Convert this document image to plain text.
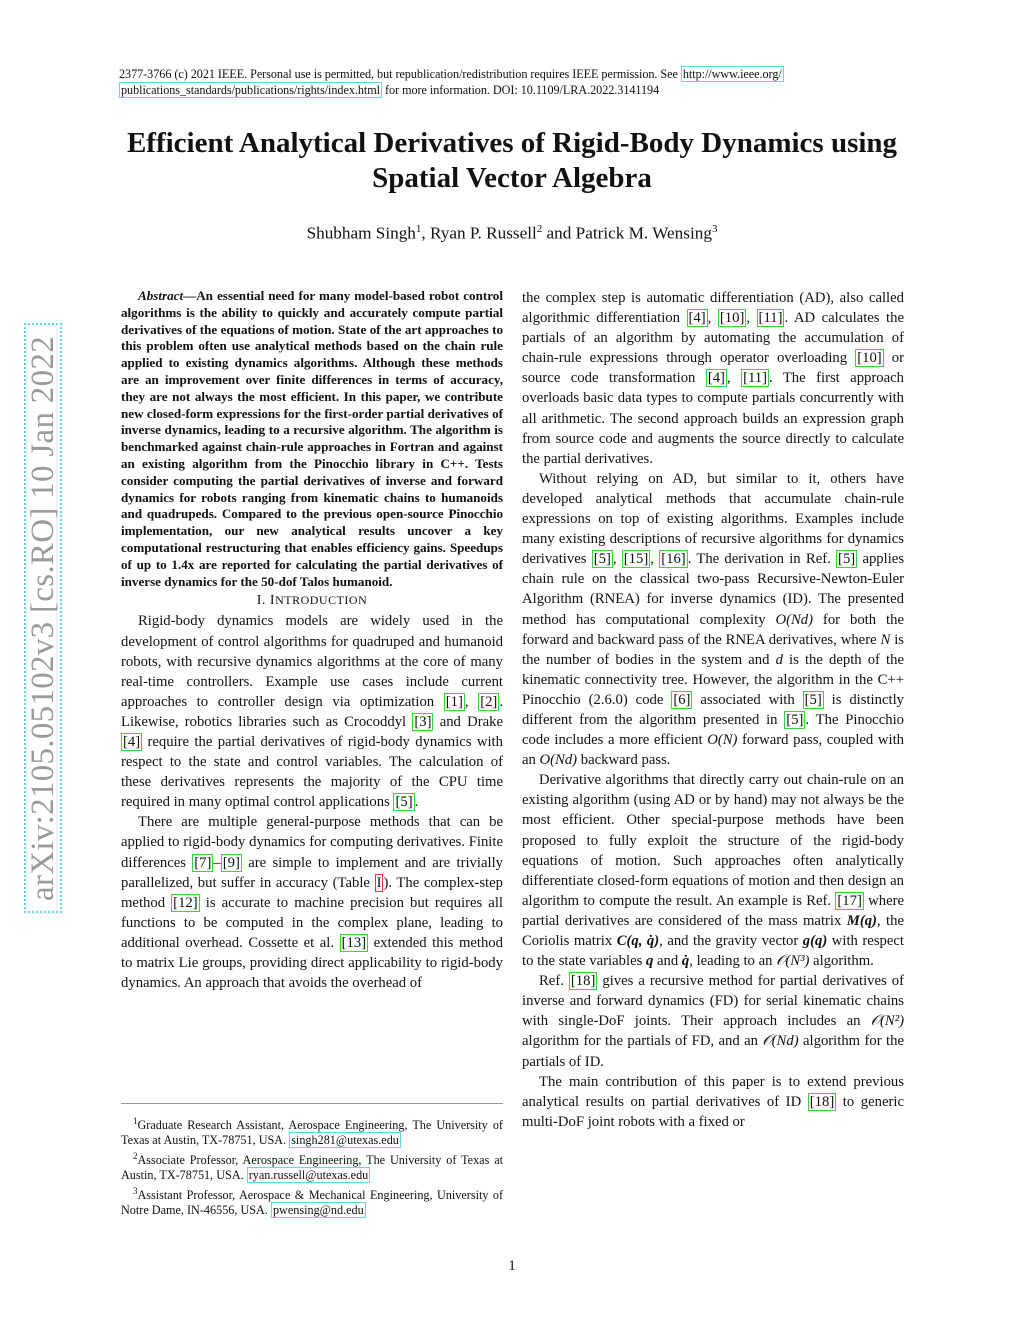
2377-3766 (c) 2021 IEEE. Personal use is permitted, but republication/redistribution requires IEEE permission. See http://www.ieee.org/
publications_standards/publications/rights/index.html for more information. DOI: 10.1109/LRA.2022.3141194
Efficient Analytical Derivatives of Rigid-Body Dynamics using Spatial Vector Algebra
Shubham Singh$^1$, Ryan P. Russell$^2$ and Patrick M. Wensing$^3$
arXiv:2105.05102v3 [cs.RO] 10 Jan 2022

Abstract—An essential need for many model-based robot control algorithms is the ability to quickly and accurately compute partial derivatives of the equations of motion. State of the art approaches to this problem often use analytical methods based on the chain rule applied to existing dynamics algorithms. Although these methods are an improvement over finite differences in terms of accuracy, they are not always the most efficient. In this paper, we contribute new closed-form expressions for the first-order partial derivatives of inverse dynamics, leading to a recursive algorithm. The algorithm is benchmarked against chain-rule approaches in Fortran and against an existing algorithm from the Pinocchio library in C++. Tests consider computing the partial derivatives of inverse and forward dynamics for robots ranging from kinematic chains to humanoids and quadrupeds. Compared to the previous open-source Pinocchio implementation, our new analytical results uncover a key computational restructuring that enables efficiency gains. Speedups of up to 1.4x are reported for calculating the partial derivatives of inverse dynamics for the 50-dof Talos humanoid.

I. INTRODUCTION

Rigid-body dynamics models are widely used in the development of control algorithms for quadruped and humanoid robots, with recursive dynamics algorithms at the core of many real-time controllers. Example use cases include current approaches to controller design via optimization [1] , [2] . Likewise, robotics libraries such as Crocoddyl [3] and Drake [4] require the partial derivatives of rigid-body dynamics with respect to the state and control variables. The calculation of these derivatives represents the majority of the CPU time required in many optimal control applications [5] .

There are multiple general-purpose methods that can be applied to rigid-body dynamics for computing derivatives. Finite differences [7] – [9] are simple to implement and are trivially parallelized, but suffer in accuracy (Table I ). The complex-step method [12] is accurate to machine precision but requires all functions to be computed in the complex plane, leading to additional overhead. Cossette et al. [13] extended this method to matrix Lie groups, providing direct applicability to rigid-body dynamics. An approach that avoids the overhead of

the complex step is automatic differentiation (AD), also called algorithmic differentiation [4] , [10] , [11] . AD calculates the partials of an algorithm by automating the accumulation of chain-rule expressions through operator overloading [10] or source code transformation [4] , [11] . The first approach overloads basic data types to compute partials concurrently with all arithmetic. The second approach builds an expression graph from source code and augments the source directly to calculate the partial derivatives.

Without relying on AD, but similar to it, others have developed analytical methods that accumulate chain-rule expressions on top of existing algorithms. Examples include many existing descriptions of recursive algorithms for dynamics derivatives [5] , [15] , [16] . The derivation in Ref. [5] applies chain rule on the classical two-pass Recursive-Newton-Euler Algorithm (RNEA) for inverse dynamics (ID). The presented method has computational complexity O(Nd) for both the forward and backward pass of the RNEA derivatives, where N is the number of bodies in the system and d is the depth of the kinematic connectivity tree. However, the algorithm in the C++ Pinocchio (2.6.0) code [6] associated with [5] is distinctly different from the algorithm presented in [5] . The Pinocchio code includes a more efficient O(N) forward pass, coupled with an O(Nd) backward pass.

Derivative algorithms that directly carry out chain-rule on an existing algorithm (using AD or by hand) may not always be the most efficient. Other special-purpose methods have been proposed to fully exploit the structure of the rigid-body equations of motion. Such approaches often analytically differentiate closed-form equations of motion and then design an algorithm to compute the result. An example is Ref. [17] where partial derivatives are considered of the mass matrix M(q), the Coriolis matrix C(q, q̇), and the gravity vector g(q) with respect to the state variables q and q̇, leading to an 𝒪(N³) algorithm.

Ref. [18] gives a recursive method for partial derivatives of inverse and forward dynamics (FD) for serial kinematic chains with single-DoF joints. Their approach includes an 𝒪(N²) algorithm for the partials of FD, and an 𝒪(Nd) algorithm for the partials of ID.

The main contribution of this paper is to extend previous analytical results on partial derivatives of ID [18] to generic multi-DoF joint robots with a fixed or

$^1$Graduate Research Assistant, Aerospace Engineering, The University of Texas at Austin, TX-78751, USA. singh281@utexas.edu

$^2$Associate Professor, Aerospace Engineering, The University of Texas at Austin, TX-78751, USA. ryan.russell@utexas.edu

$^3$Assistant Professor, Aerospace & Mechanical Engineering, University of Notre Dame, IN-46556, USA. pwensing@nd.edu

1
